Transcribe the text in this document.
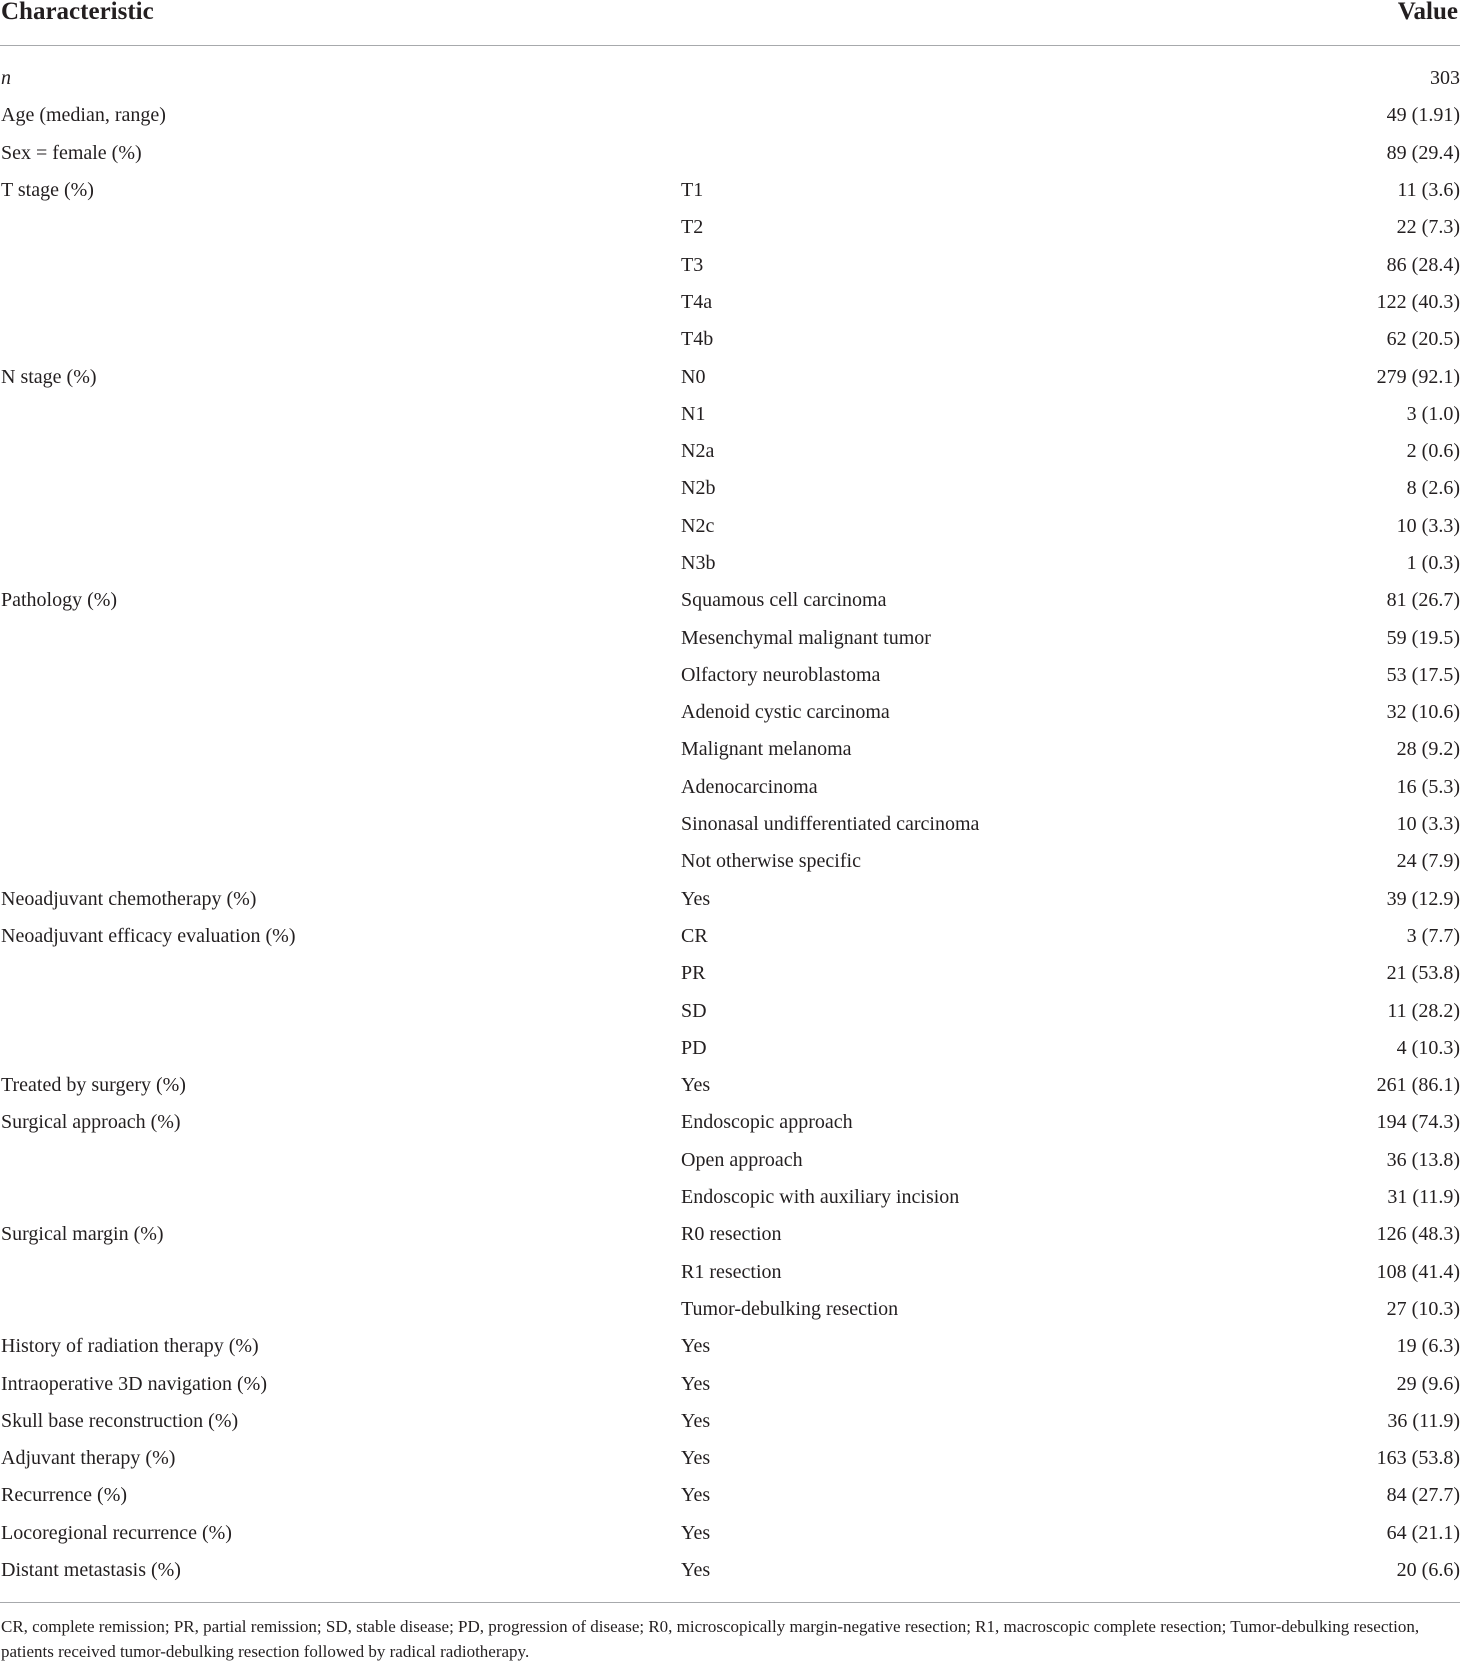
Characteristic		Value

n		303
Age (median, range)		49 (1.91)
Sex = female (%)		89 (29.4)
T stage (%)	T1	11 (3.6)
	T2	22 (7.3)
	T3	86 (28.4)
	T4a	122 (40.3)
	T4b	62 (20.5)
N stage (%)	N0	279 (92.1)
	N1	3 (1.0)
	N2a	2 (0.6)
	N2b	8 (2.6)
	N2c	10 (3.3)
	N3b	1 (0.3)
Pathology (%)	Squamous cell carcinoma	81 (26.7)
	Mesenchymal malignant tumor	59 (19.5)
	Olfactory neuroblastoma	53 (17.5)
	Adenoid cystic carcinoma	32 (10.6)
	Malignant melanoma	28 (9.2)
	Adenocarcinoma	16 (5.3)
	Sinonasal undifferentiated carcinoma	10 (3.3)
	Not otherwise specific	24 (7.9)
Neoadjuvant chemotherapy (%)	Yes	39 (12.9)
Neoadjuvant efficacy evaluation (%)	CR	3 (7.7)
	PR	21 (53.8)
	SD	11 (28.2)
	PD	4 (10.3)
Treated by surgery (%)	Yes	261 (86.1)
Surgical approach (%)	Endoscopic approach	194 (74.3)
	Open approach	36 (13.8)
	Endoscopic with auxiliary incision	31 (11.9)
Surgical margin (%)	R0 resection	126 (48.3)
	R1 resection	108 (41.4)
	Tumor-debulking resection	27 (10.3)
History of radiation therapy (%)	Yes	19 (6.3)
Intraoperative 3D navigation (%)	Yes	29 (9.6)
Skull base reconstruction (%)	Yes	36 (11.9)
Adjuvant therapy (%)	Yes	163 (53.8)
Recurrence (%)	Yes	84 (27.7)
Locoregional recurrence (%)	Yes	64 (21.1)
Distant metastasis (%)	Yes	20 (6.6)
CR, complete remission; PR, partial remission; SD, stable disease; PD, progression of disease; R0, microscopically margin-negative resection; R1, macroscopic complete resection; Tumor-debulking resection, patients received tumor-debulking resection followed by radical radiotherapy.
